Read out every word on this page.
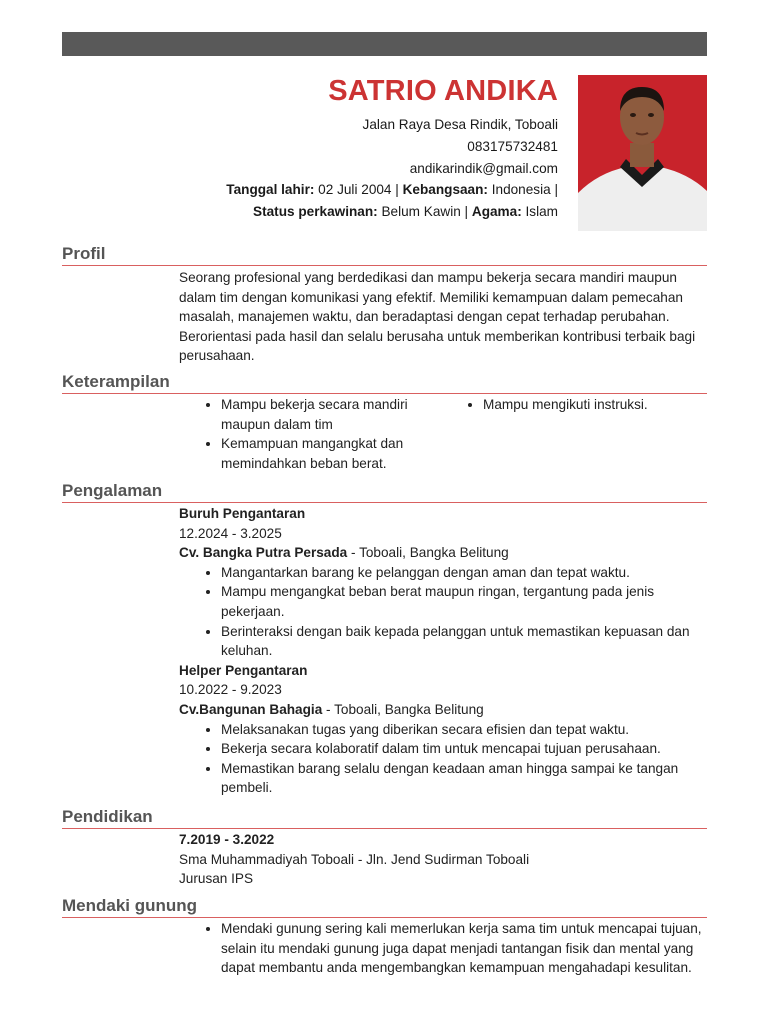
SATRIO ANDIKA
Jalan Raya Desa Rindik, Toboali
083175732481
andikarindik@gmail.com
Tanggal lahir: 02 Juli 2004 | Kebangsaan: Indonesia |
Status perkawinan: Belum Kawin | Agama: Islam
Profil

Seorang profesional yang berdedikasi dan mampu bekerja secara mandiri maupun dalam tim dengan komunikasi yang efektif. Memiliki kemampuan dalam pemecahan masalah, manajemen waktu, dan beradaptasi dengan cepat terhadap perubahan. Berorientasi pada hasil dan selalu berusaha untuk memberikan kontribusi terbaik bagi perusahaan.

Keterampilan
• Mampu bekerja secara mandiri maupun dalam tim
• Kemampuan mangangkat dan memindahkan beban berat.
• Mampu mengikuti instruksi.
Pengalaman
Buruh Pengantaran
12.2024 - 3.2025
Cv. Bangka Putra Persada - Toboali, Bangka Belitung
• Mangantarkan barang ke pelanggan dengan aman dan tepat waktu.
• Mampu mengangkat beban berat maupun ringan, tergantung pada jenis pekerjaan.
• Berinteraksi dengan baik kepada pelanggan untuk memastikan kepuasan dan keluhan.
Helper Pengantaran
10.2022 - 9.2023
Cv.Bangunan Bahagia - Toboali, Bangka Belitung
• Melaksanakan tugas yang diberikan secara efisien dan tepat waktu.
• Bekerja secara kolaboratif dalam tim untuk mencapai tujuan perusahaan.
• Memastikan barang selalu dengan keadaan aman hingga sampai ke tangan pembeli.
Pendidikan
7.2019 - 3.2022
Sma Muhammadiyah Toboali - Jln. Jend Sudirman Toboali
Jurusan IPS
Mendaki gunung
• Mendaki gunung sering kali memerlukan kerja sama tim untuk mencapai tujuan, selain itu mendaki gunung juga dapat menjadi tantangan fisik dan mental yang dapat membantu anda mengembangkan kemampuan mengahadapi kesulitan.
